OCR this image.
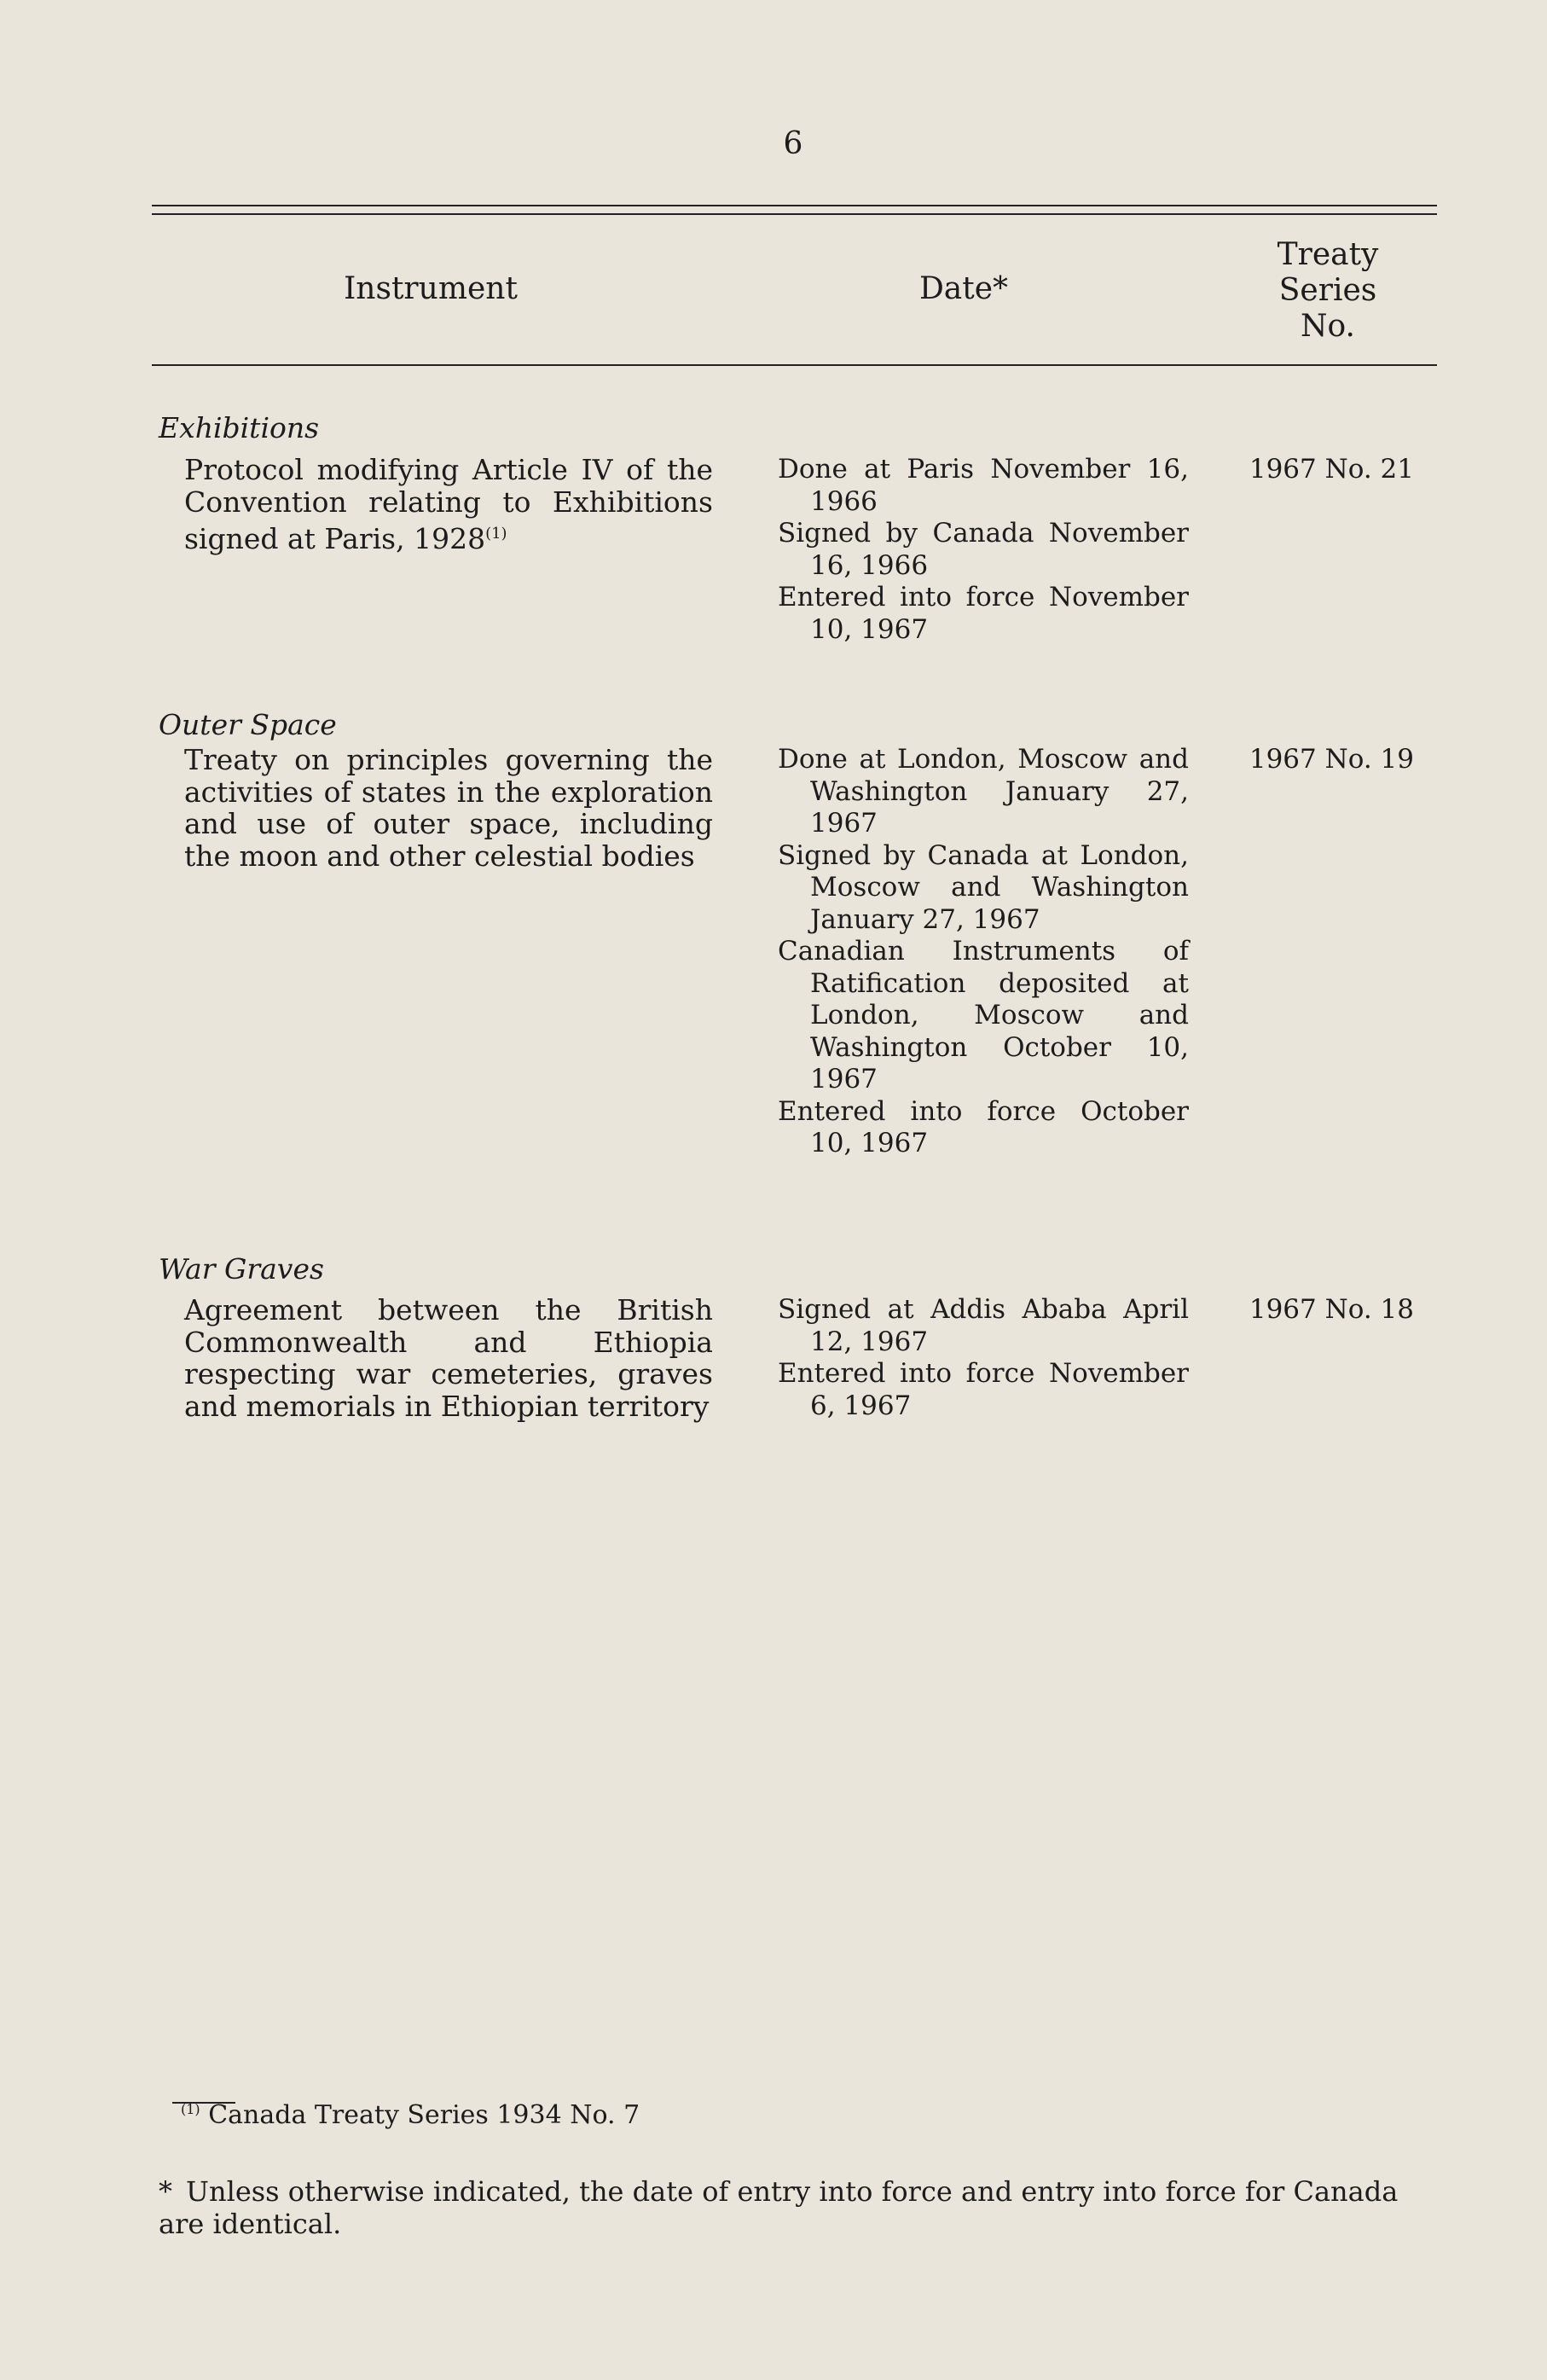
6
Instrument	Date*
Treaty
Series
No.
Exhibitions
Protocol modifying Article IV of the Convention relating to Exhibitions signed at Paris, 1928$^{(1)}$
Done at Paris November 16, 1966
Signed by Canada November 16, 1966
Entered into force November 10, 1967
1967 No. 21
Outer Space
Treaty on principles governing the activities of states in the exploration and use of outer space, including the moon and other celestial bodies
Done at London, Moscow and Washington January 27, 1967
Signed by Canada at London, Moscow and Washington January 27, 1967
Canadian Instruments of Ratification deposited at London, Moscow and Washington October 10, 1967
Entered into force October 10, 1967
1967 No. 19
War Graves
Agreement between the British Commonwealth and Ethiopia respecting war cemeteries, graves and memorials in Ethiopian territory
Signed at Addis Ababa April 12, 1967
Entered into force November 6, 1967
1967 No. 18
$^{(1)}$ Canada Treaty Series 1934 No. 7
* Unless otherwise indicated, the date of entry into force and entry into force for Canada are identical.
